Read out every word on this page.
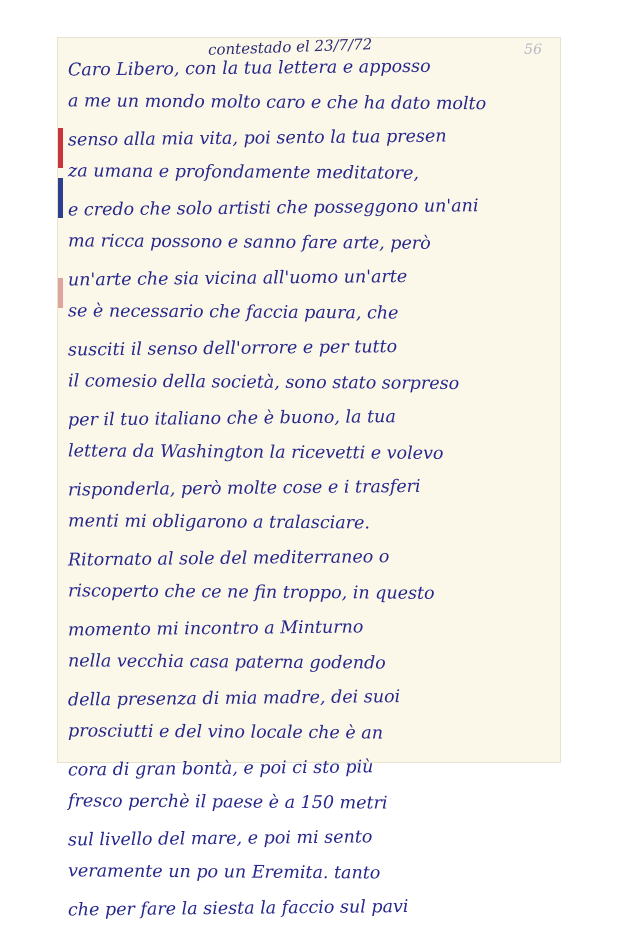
56
contestado el 23/7/72
Caro Libero, con la tua lettera e apposso
a me un mondo molto caro e che ha dato molto
senso alla mia vita, poi sento la tua presen
za umana e profondamente meditatore,
e credo che solo artisti che posseggono un'ani
ma ricca possono e sanno fare arte, però
un'arte che sia vicina all'uomo un'arte
se è necessario che faccia paura, che
susciti il senso dell'orrore e per tutto
il comesio della società, sono stato sorpreso
per il tuo italiano che è buono, la tua
lettera da Washington la ricevetti e volevo
risponderla, però molte cose e i trasferi
menti mi obligarono a tralasciare.
Ritornato al sole del mediterraneo o
riscoperto che ce ne fin troppo, in questo
momento mi incontro a Minturno
nella vecchia casa paterna godendo
della presenza di mia madre, dei suoi
prosciutti e del vino locale che è an
cora di gran bontà, e poi ci sto più
fresco perchè il paese è a 150 metri
sul livello del mare, e poi mi sento
veramente un po un Eremita. tanto
che per fare la siesta la faccio sul pavi
